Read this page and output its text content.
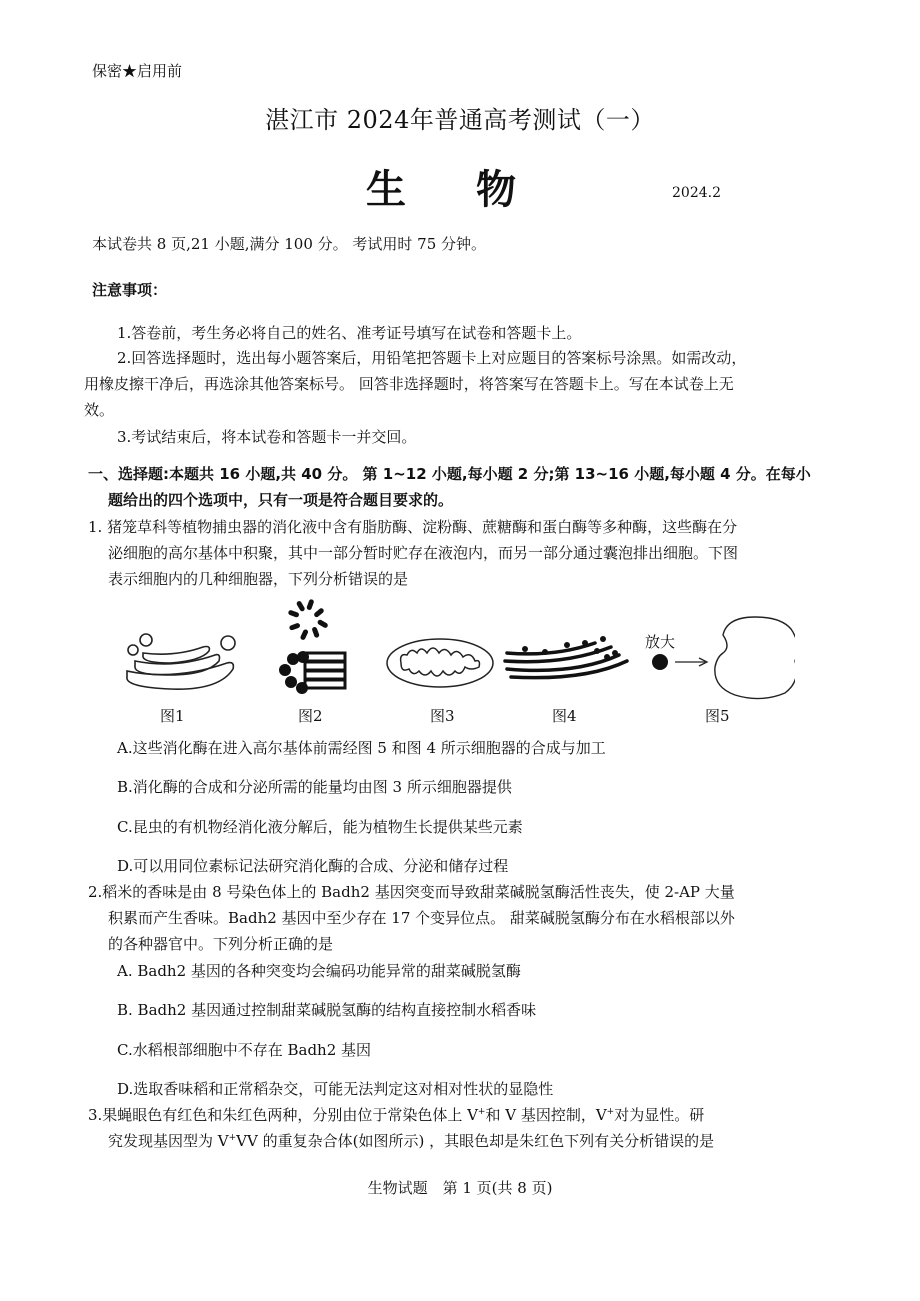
保密★启用前
湛江市 2024年普通高考测试（一）
生物	2024.2
本试卷共 8 页,21 小题,满分 100 分。 考试用时 75 分钟。
注意事项：
1.答卷前，考生务必将自己的姓名、准考证号填写在试卷和答题卡上。
2.回答选择题时，选出每小题答案后，用铅笔把答题卡上对应题目的答案标号涂黑。如需改动，
用橡皮擦干净后，再选涂其他答案标号。 回答非选择题时，将答案写在答题卡上。写在本试卷上无
效。
3.考试结束后，将本试卷和答题卡一并交回。
一、选择题:本题共 16 小题,共 40 分。 第 1~12 小题,每小题 2 分;第 13~16 小题,每小题 4 分。在每小
题给出的四个选项中，只有一项是符合题目要求的。
1. 猪笼草科等植物捕虫器的消化液中含有脂肪酶、淀粉酶、蔗糖酶和蛋白酶等多种酶，这些酶在分
泌细胞的高尔基体中积聚，其中一部分暂时贮存在液泡内，而另一部分通过囊泡排出细胞。下图
表示细胞内的几种细胞器，下列分析错误的是
放大
图1	图2	图3	图4	图5
A.这些消化酶在进入高尔基体前需经图 5 和图 4 所示细胞器的合成与加工
B.消化酶的合成和分泌所需的能量均由图 3 所示细胞器提供
C.昆虫的有机物经消化液分解后，能为植物生长提供某些元素
D.可以用同位素标记法研究消化酶的合成、分泌和储存过程
2.稻米的香味是由 8 号染色体上的 Badh2 基因突变而导致甜菜碱脱氢酶活性丧失，使 2-AP 大量
积累而产生香味。Badh2 基因中至少存在 17 个变异位点。 甜菜碱脱氢酶分布在水稻根部以外
的各种器官中。下列分析正确的是
A. Badh2 基因的各种突变均会编码功能异常的甜菜碱脱氢酶
B. Badh2 基因通过控制甜菜碱脱氢酶的结构直接控制水稻香味
C.水稻根部细胞中不存在 Badh2 基因
D.选取香味稻和正常稻杂交，可能无法判定这对相对性状的显隐性
3.果蝇眼色有红色和朱红色两种，分别由位于常染色体上 V+和 V 基因控制，V+对为显性。研
究发现基因型为 V+VV 的重复杂合体(如图所示) ，其眼色却是朱红色下列有关分析错误的是
生物试题　第 1 页(共 8 页)
